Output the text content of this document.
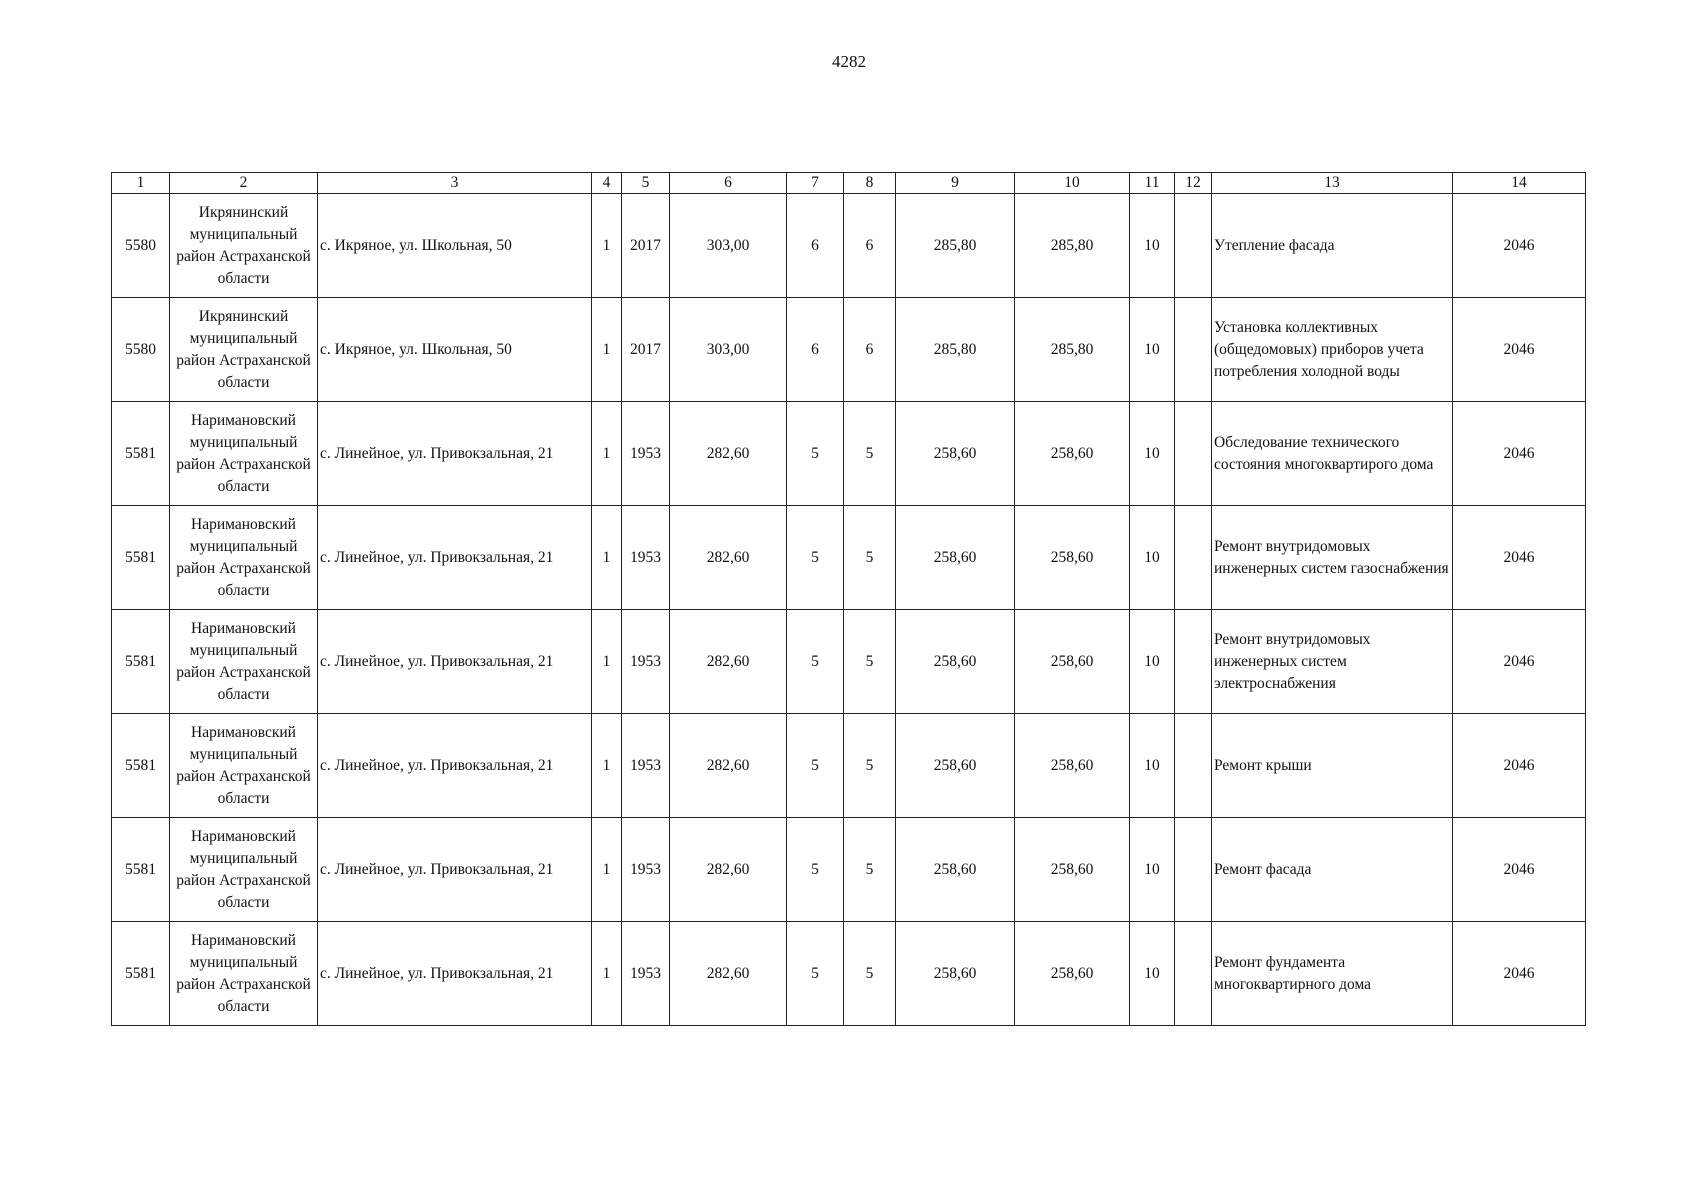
4282
1	2	3	4	5	6	7	8	9	10	11	12	13	14
5580	Икрянинский муниципальный район Астраханской области	с. Икряное, ул. Школьная, 50	1	2017	303,00	6	6	285,80	285,80	10		Утепление фасада	2046
5580	Икрянинский муниципальный район Астраханской области	с. Икряное, ул. Школьная, 50	1	2017	303,00	6	6	285,80	285,80	10		Установка коллективных (общедомовых) приборов учета потребления холодной воды	2046
5581	Наримановский муниципальный район Астраханской области	с. Линейное, ул. Привокзальная, 21	1	1953	282,60	5	5	258,60	258,60	10		Обследование технического состояния многоквартирого дома	2046
5581	Наримановский муниципальный район Астраханской области	с. Линейное, ул. Привокзальная, 21	1	1953	282,60	5	5	258,60	258,60	10		Ремонт внутридомовых инженерных систем газоснабжения	2046
5581	Наримановский муниципальный район Астраханской области	с. Линейное, ул. Привокзальная, 21	1	1953	282,60	5	5	258,60	258,60	10		Ремонт внутридомовых инженерных систем электроснабжения	2046
5581	Наримановский муниципальный район Астраханской области	с. Линейное, ул. Привокзальная, 21	1	1953	282,60	5	5	258,60	258,60	10		Ремонт крыши	2046
5581	Наримановский муниципальный район Астраханской области	с. Линейное, ул. Привокзальная, 21	1	1953	282,60	5	5	258,60	258,60	10		Ремонт фасада	2046
5581	Наримановский муниципальный район Астраханской области	с. Линейное, ул. Привокзальная, 21	1	1953	282,60	5	5	258,60	258,60	10		Ремонт фундамента многоквартирного дома	2046
